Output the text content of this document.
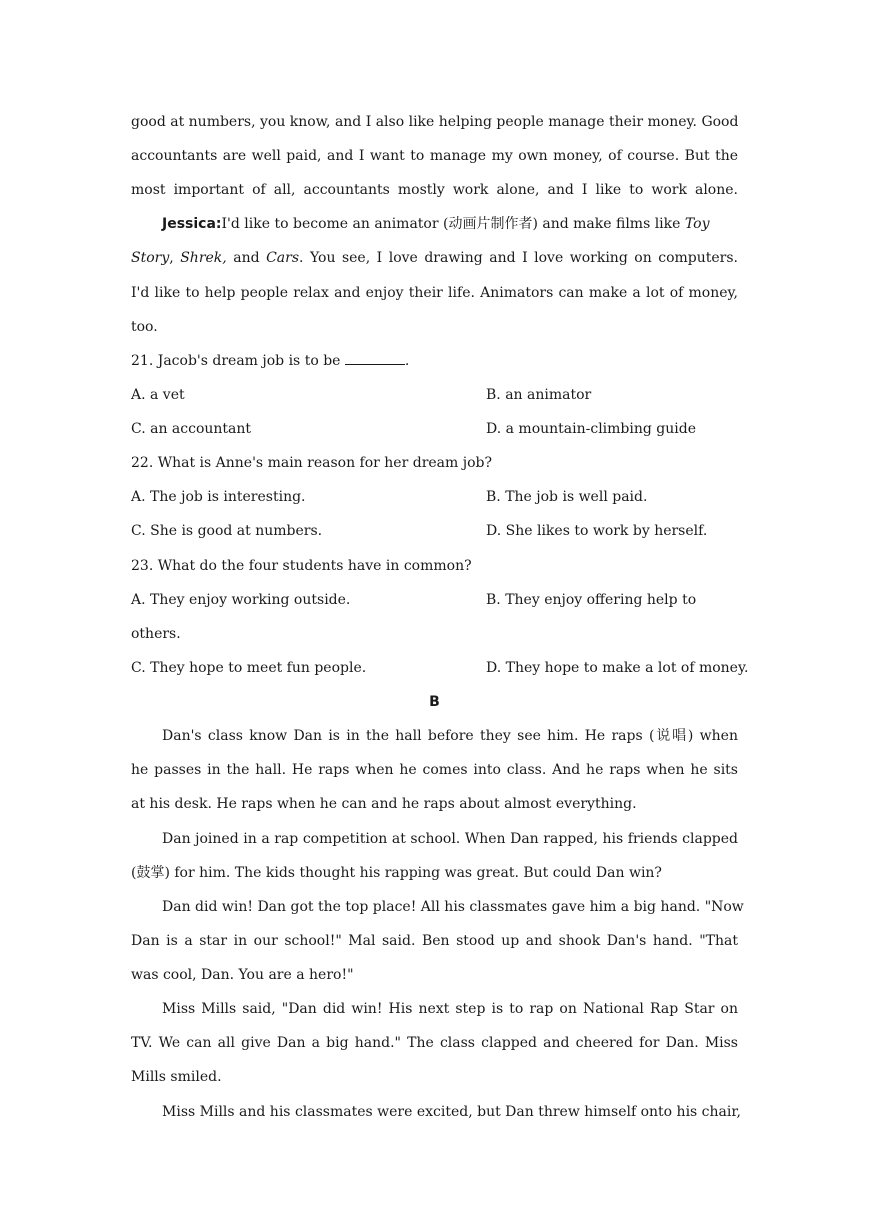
good at numbers, you know, and I also like helping people manage their money. Good
accountants are well paid, and I want to manage my own money, of course. But the
most important of all, accountants mostly work alone, and I like to work alone.
Jessica:I'd like to become an animator (动画片制作者) and make films like Toy
Story, Shrek, and Cars. You see, I love drawing and I love working on computers.
I'd like to help people relax and enjoy their life. Animators can make a lot of money,
too.
21. Jacob's dream job is to be	.
A. a vet	B. an animator
C. an accountant	D. a mountain-climbing guide
22. What is Anne's main reason for her dream job?
A. The job is interesting.	B. The job is well paid.
C. She is good at numbers.	D. She likes to work by herself.
23. What do the four students have in common?
A. They enjoy working outside.	B. They enjoy offering help to
others.
C. They hope to meet fun people.	D. They hope to make a lot of money.
B
Dan's class know Dan is in the hall before they see him. He raps (说唱) when
he passes in the hall. He raps when he comes into class. And he raps when he sits
at his desk. He raps when he can and he raps about almost everything.
Dan joined in a rap competition at school. When Dan rapped, his friends clapped
(鼓掌) for him. The kids thought his rapping was great. But could Dan win?
Dan did win! Dan got the top place! All his classmates gave him a big hand. "Now
Dan is a star in our school!" Mal said. Ben stood up and shook Dan's hand. "That
was cool, Dan. You are a hero!"
Miss Mills said, "Dan did win! His next step is to rap on National Rap Star on
TV. We can all give Dan a big hand." The class clapped and cheered for Dan. Miss
Mills smiled.
Miss Mills and his classmates were excited, but Dan threw himself onto his chair,
